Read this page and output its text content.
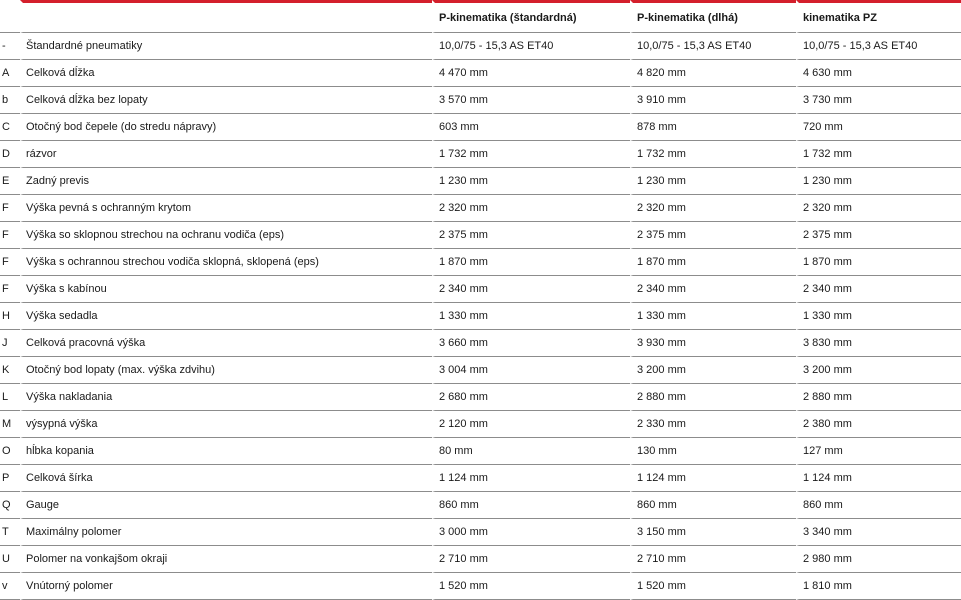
		P-kinematika (štandardná)	P-kinematika (dlhá)	kinematika PZ
-	Štandardné pneumatiky	10,0/75 - 15,3 AS ET40	10,0/75 - 15,3 AS ET40	10,0/75 - 15,3 AS ET40
A	Celková dĺžka	4 470 mm	4 820 mm	4 630 mm
b	Celková dĺžka bez lopaty	3 570 mm	3 910 mm	3 730 mm
C	Otočný bod čepele (do stredu nápravy)	603 mm	878 mm	720 mm
D	rázvor	1 732 mm	1 732 mm	1 732 mm
E	Zadný previs	1 230 mm	1 230 mm	1 230 mm
F	Výška pevná s ochranným krytom	2 320 mm	2 320 mm	2 320 mm
F	Výška so sklopnou strechou na ochranu vodiča (eps)	2 375 mm	2 375 mm	2 375 mm
F	Výška s ochrannou strechou vodiča sklopná, sklopená (eps)	1 870 mm	1 870 mm	1 870 mm
F	Výška s kabínou	2 340 mm	2 340 mm	2 340 mm
H	Výška sedadla	1 330 mm	1 330 mm	1 330 mm
J	Celková pracovná výška	3 660 mm	3 930 mm	3 830 mm
K	Otočný bod lopaty (max. výška zdvihu)	3 004 mm	3 200 mm	3 200 mm
L	Výška nakladania	2 680 mm	2 880 mm	2 880 mm
M	výsypná výška	2 120 mm	2 330 mm	2 380 mm
O	hĺbka kopania	80 mm	130 mm	127 mm
P	Celková šírka	1 124 mm	1 124 mm	1 124 mm
Q	Gauge	860 mm	860 mm	860 mm
T	Maximálny polomer	3 000 mm	3 150 mm	3 340 mm
U	Polomer na vonkajšom okraji	2 710 mm	2 710 mm	2 980 mm
v	Vnútorný polomer	1 520 mm	1 520 mm	1 810 mm
